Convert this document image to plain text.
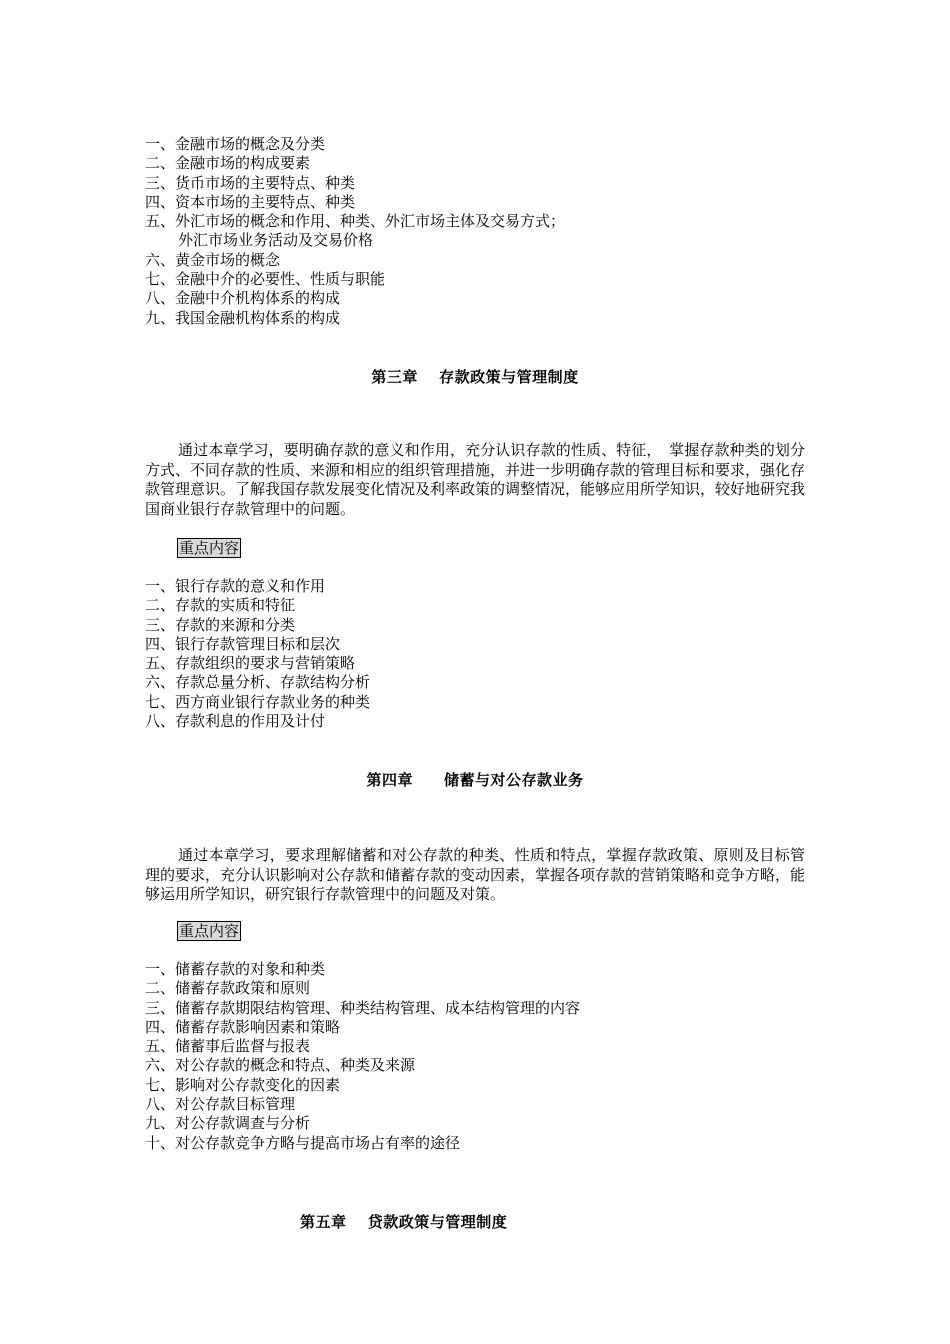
一、金融市场的概念及分类
二、金融市场的构成要素
三、货币市场的主要特点、种类
四、资本市场的主要特点、种类
五、外汇市场的概念和作用、种类、外汇市场主体及交易方式；
外汇市场业务活动及交易价格
六、黄金市场的概念
七、金融中介的必要性、性质与职能
八、金融中介机构体系的构成
九、我国金融机构体系的构成
第三章　 存款政策与管理制度

通过本章学习，要明确存款的意义和作用，充分认识存款的性质、特征，　掌握存款种类的划分方式、不同存款的性质、来源和相应的组织管理措施，并进一步明确存款的管理目标和要求，强化存款管理意识。了解我国存款发展变化情况及利率政策的调整情况，能够应用所学知识，较好地研究我国商业银行存款管理中的问题。

重点内容
一、银行存款的意义和作用
二、存款的实质和特征
三、存款的来源和分类
四、银行存款管理目标和层次
五、存款组织的要求与营销策略
六、存款总量分析、存款结构分析
七、西方商业银行存款业务的种类
八、存款利息的作用及计付
第四章　　储蓄与对公存款业务

通过本章学习，要求理解储蓄和对公存款的种类、性质和特点，掌握存款政策、原则及目标管理的要求，充分认识影响对公存款和储蓄存款的变动因素，掌握各项存款的营销策略和竞争方略，能够运用所学知识，研究银行存款管理中的问题及对策。

重点内容
一、储蓄存款的对象和种类
二、储蓄存款政策和原则
三、储蓄存款期限结构管理、种类结构管理、成本结构管理的内容
四、储蓄存款影响因素和策略
五、储蓄事后监督与报表
六、对公存款的概念和特点、种类及来源
七、影响对公存款变化的因素
八、对公存款目标管理
九、对公存款调查与分析
十、对公存款竞争方略与提高市场占有率的途径
第五章　 贷款政策与管理制度
